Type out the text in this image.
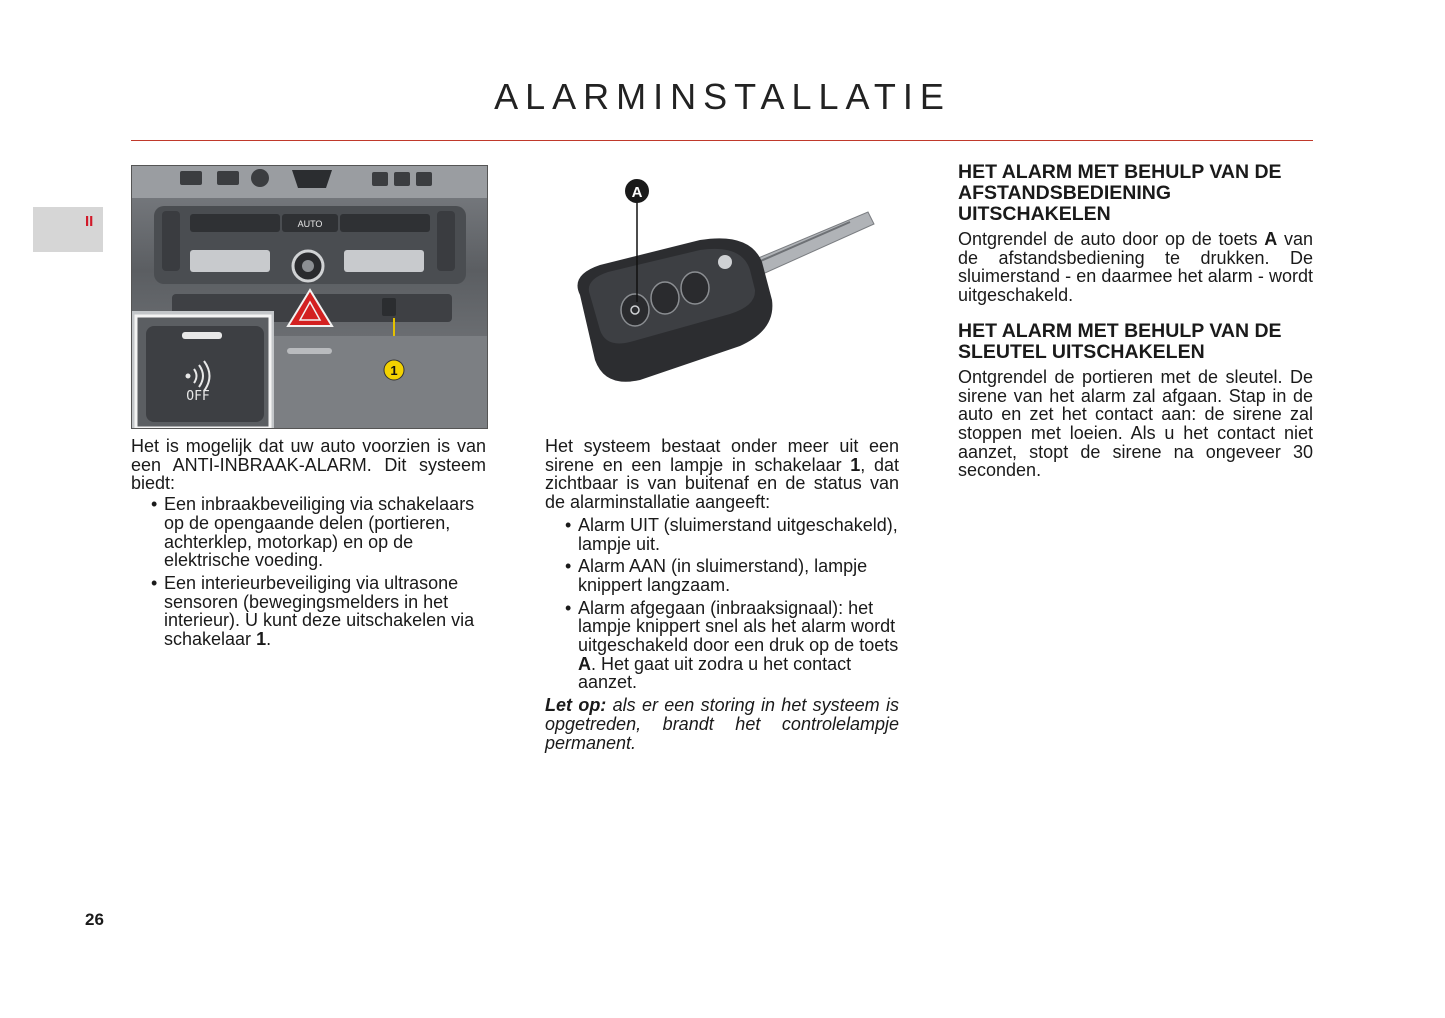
ALARMINSTALLATIE
II	AUTO
OFF
1
A

Het is mogelijk dat uw auto voorzien is van een ANTI-INBRAAK-ALARM. Dit systeem biedt:

• Een inbraakbeveiliging via schakelaars op de opengaande delen (portieren, achterklep, motorkap) en op de elektrische voeding.
• Een interieurbeveiliging via ultrasone sensoren (bewegingsmelders in het interieur). U kunt deze uitschakelen via schakelaar 1.

Het systeem bestaat onder meer uit een sirene en een lampje in schakelaar 1, dat zichtbaar is van buitenaf en de status van de alarminstallatie aangeeft:

• Alarm UIT (sluimerstand uitgeschakeld), lampje uit.
• Alarm AAN (in sluimerstand), lampje knippert langzaam.
• Alarm afgegaan (inbraaksignaal): het lampje knippert snel als het alarm wordt uitgeschakeld door een druk op de toets A. Het gaat uit zodra u het contact aanzet.

Let op: als er een storing in het systeem is opgetreden, brandt het controlelampje permanent.

HET ALARM MET BEHULP VAN DE AFSTANDSBEDIENING UITSCHAKELEN

Ontgrendel de auto door op de toets A van de afstandsbediening te drukken. De sluimerstand - en daarmee het alarm - wordt uitgeschakeld.

HET ALARM MET BEHULP VAN DE SLEUTEL UITSCHAKELEN

Ontgrendel de portieren met de sleutel. De sirene van het alarm zal afgaan. Stap in de auto en zet het contact aan: de sirene zal stoppen met loeien. Als u het contact niet aanzet, stopt de sirene na ongeveer 30 seconden.

26
